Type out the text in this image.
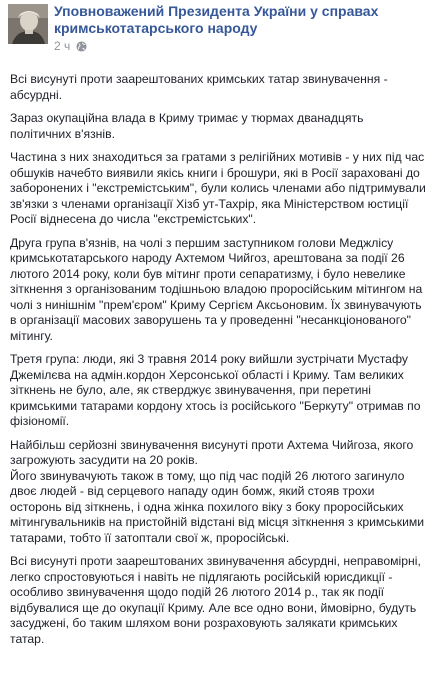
Уповноважений Президента України у справах кримськотатарського народу
2 ч

Всі висунуті проти заарештованих кримських татар звинувачення - абсурдні.

Зараз окупаційна влада в Криму тримає у тюрмах дванадцять політичних в'язнів.

Частина з них знаходиться за гратами з релігійних мотивів - у них під час обшуків начебто виявили якісь книги і брошури, які в Росії зараховані до заборонених і "екстремістським", були колись членами або підтримували зв'язки з членами організації Хізб ут-Тахрір, яка Міністерством юстиції Росії віднесена до числа "екстремістських".

Друга група в'язнів, на чолі з першим заступником голови Меджлісу кримськотатарського народу Ахтемом Чийгоз, арештована за події 26 лютого 2014 року, коли був мітинг проти сепаратизму, і було невелике зіткнення з організованим тодішньою владою проросійським мітингом на чолі з нинішнім "прем'єром" Криму Сергієм Аксьоновим. Їх звинувачують в організації масових заворушень та у проведенні "несанкціонованого" мітингу.

Третя група: люди, які 3 травня 2014 року вийшли зустрічати Мустафу Джемілєва на адмін.кордон Херсонської області і Криму. Там великих зіткнень не було, але, як стверджує звинувачення, при перетині кримськими татарами кордону хтось із російського "Беркуту" отримав по фізіономії.

Найбільш серйозні звинувачення висунуті проти Ахтема Чийгоза, якого загрожують засудити на 20 років.

Його звинувачують також в тому, що під час подій 26 лютого загинуло двоє людей - від серцевого нападу один бомж, який стояв трохи осторонь від зіткнень, і одна жінка похилого віку з боку проросійських мітингувальників на пристойній відстані від місця зіткнення з кримськими татарами, тобто її затоптали свої ж, проросійські.

Всі висунуті проти заарештованих звинувачення абсурдні, неправомірні, легко спростовуються і навіть не підлягають російській юрисдикції - особливо звинувачення щодо подій 26 лютого 2014 р., так як події відбувалися ще до окупації Криму. Але все одно вони, ймовірно, будуть засуджені, бо таким шляхом вони розраховують залякати кримських татар.
